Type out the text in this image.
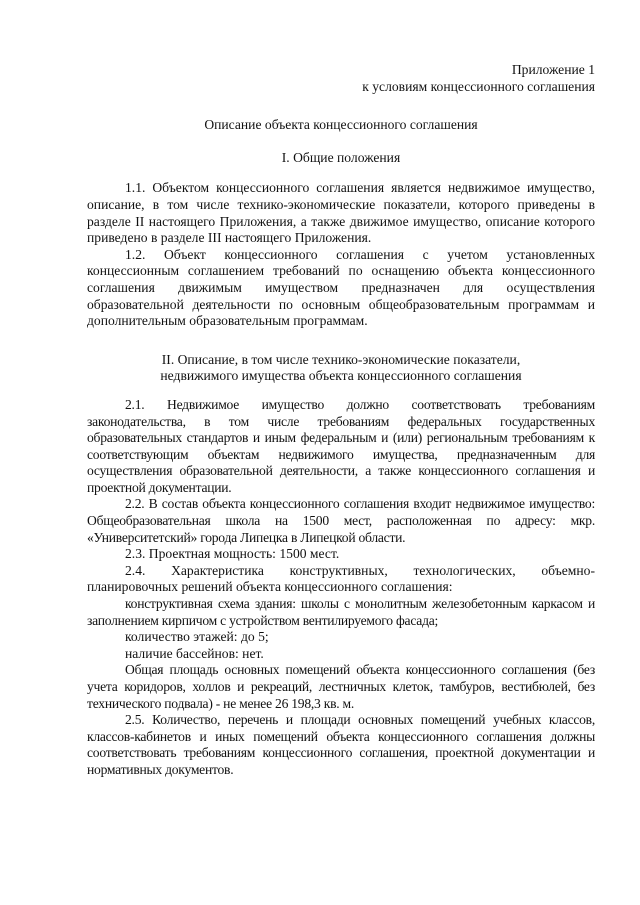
Приложение 1
к условиям концессионного соглашения
Описание объекта концессионного соглашения
I. Общие положения

1.1. Объектом концессионного соглашения является недвижимое имущество, описание, в том числе технико-экономические показатели, которого приведены в разделе II настоящего Приложения, а также движимое имущество, описание которого приведено в разделе III настоящего Приложения.

1.2. Объект концессионного соглашения с учетом установленных концессионным соглашением требований по оснащению объекта концессионного соглашения движимым имуществом предназначен для осуществления образовательной деятельности по основным общеобразовательным программам и дополнительным образовательным программам.

II. Описание, в том числе технико-экономические показатели,
недвижимого имущества объекта концессионного соглашения

2.1. Недвижимое имущество должно соответствовать требованиям законодательства, в том числе требованиям федеральных государственных образовательных стандартов и иным федеральным и (или) региональным требованиям к соответствующим объектам недвижимого имущества, предназначенным для осуществления образовательной деятельности, а также концессионного соглашения и проектной документации.

2.2. В состав объекта концессионного соглашения входит недвижимое имущество: Общеобразовательная школа на 1500 мест, расположенная по адресу: мкр. «Университетский» города Липецка в Липецкой области.

2.3. Проектная мощность: 1500 мест.

2.4. Характеристика конструктивных, технологических, объемно-планировочных решений объекта концессионного соглашения:

конструктивная схема здания: школы с монолитным железобетонным каркасом и заполнением кирпичом с устройством вентилируемого фасада;

количество этажей: до 5;

наличие бассейнов: нет.

Общая площадь основных помещений объекта концессионного соглашения (без учета коридоров, холлов и рекреаций, лестничных клеток, тамбуров, вестибюлей, без технического подвала) - не менее 26 198,3 кв. м.

2.5. Количество, перечень и площади основных помещений учебных классов, классов-кабинетов и иных помещений объекта концессионного соглашения должны соответствовать требованиям концессионного соглашения, проектной документации и нормативных документов.
